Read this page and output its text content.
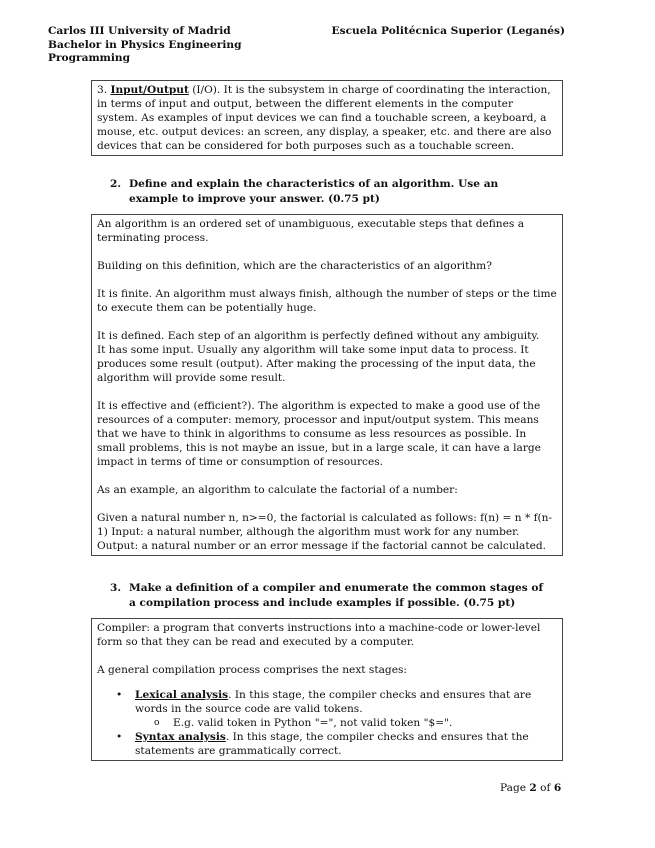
Carlos III University of Madrid
Bachelor in Physics Engineering
Programming
Escuela Politécnica Superior (Leganés)

3. Input/Output (I/O). It is the subsystem in charge of coordinating the interaction, in terms of input and output, between the different elements in the computer system. As examples of input devices we can find a touchable screen, a keyboard, a mouse, etc. output devices: an screen, any display, a speaker, etc. and there are also devices that can be considered for both purposes such as a touchable screen.

2. Define and explain the characteristics of an algorithm. Use an example to improve your answer. (0.75 pt)

An algorithm is an ordered set of unambiguous, executable steps that defines a terminating process.

Building on this definition, which are the characteristics of an algorithm?

It is finite. An algorithm must always finish, although the number of steps or the time to execute them can be potentially huge.

It is defined. Each step of an algorithm is perfectly defined without any ambiguity.
It has some input. Usually any algorithm will take some input data to process. It produces some result (output). After making the processing of the input data, the algorithm will provide some result.

It is effective and (efficient?). The algorithm is expected to make a good use of the resources of a computer: memory, processor and input/output system. This means that we have to think in algorithms to consume as less resources as possible. In small problems, this is not maybe an issue, but in a large scale, it can have a large impact in terms of time or consumption of resources.

As an example, an algorithm to calculate the factorial of a number:

Given a natural number n, n>=0, the factorial is calculated as follows: f(n) = n * f(n-1) Input: a natural number, although the algorithm must work for any number.
Output: a natural number or an error message if the factorial cannot be calculated.

3. Make a definition of a compiler and enumerate the common stages of a compilation process and include examples if possible. (0.75 pt)

Compiler: a program that converts instructions into a machine-code or lower-level form so that they can be read and executed by a computer.

A general compilation process comprises the next stages:

• Lexical analysis. In this stage, the compiler checks and ensures that are words in the source code are valid tokens.
o E.g. valid token in Python "=", not valid token "$=".
• Syntax analysis. In this stage, the compiler checks and ensures that the statements are grammatically correct.
Page 2 of 6
